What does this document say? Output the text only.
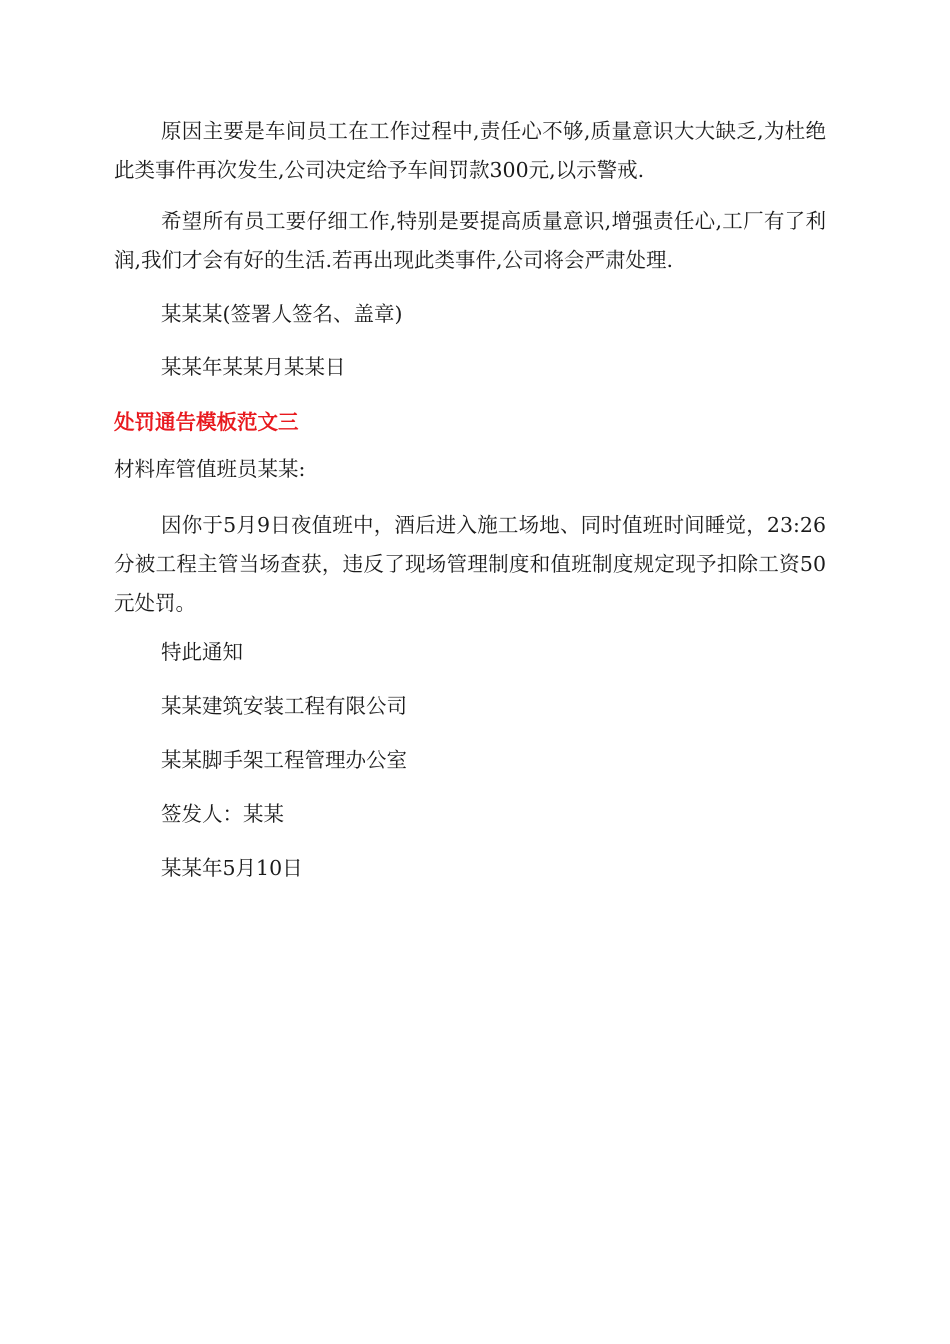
原因主要是车间员工在工作过程中,责任心不够,质量意识大大缺乏,为杜绝此类事件再次发生,公司决定给予车间罚款300元,以示警戒.

希望所有员工要仔细工作,特别是要提高质量意识,增强责任心,工厂有了利润,我们才会有好的生活.若再出现此类事件,公司将会严肃处理.

某某某(签署人签名、盖章)

某某年某某月某某日

处罚通告模板范文三

材料库管值班员某某:

因你于5月9日夜值班中，酒后进入施工场地、同时值班时间睡觉，23:26分被工程主管当场查获，违反了现场管理制度和值班制度规定现予扣除工资50元处罚。

特此通知

某某建筑安装工程有限公司

某某脚手架工程管理办公室

签发人：某某

某某年5月10日
